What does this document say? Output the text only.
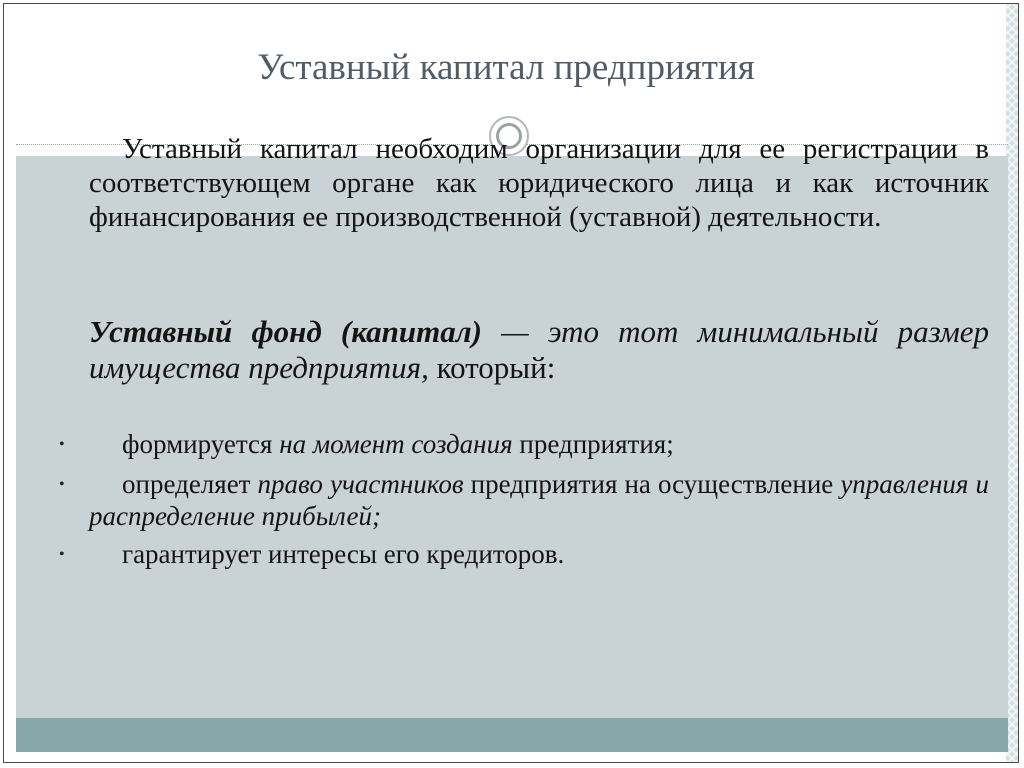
Уставный капитал предприятия
Уставный капитал необходим организации для ее регистрации в соответствующем органе как юридического лица и как источник финансирования ее производственной (уставной) деятельности.
Уставный фонд (капитал) — это тот минимальный размер имущества предприятия, который:
•	формируется на момент создания предприятия;
•	определяет право участников предприятия на осуществление управления и распределение прибылей;
•	гарантирует интересы его кредиторов.
